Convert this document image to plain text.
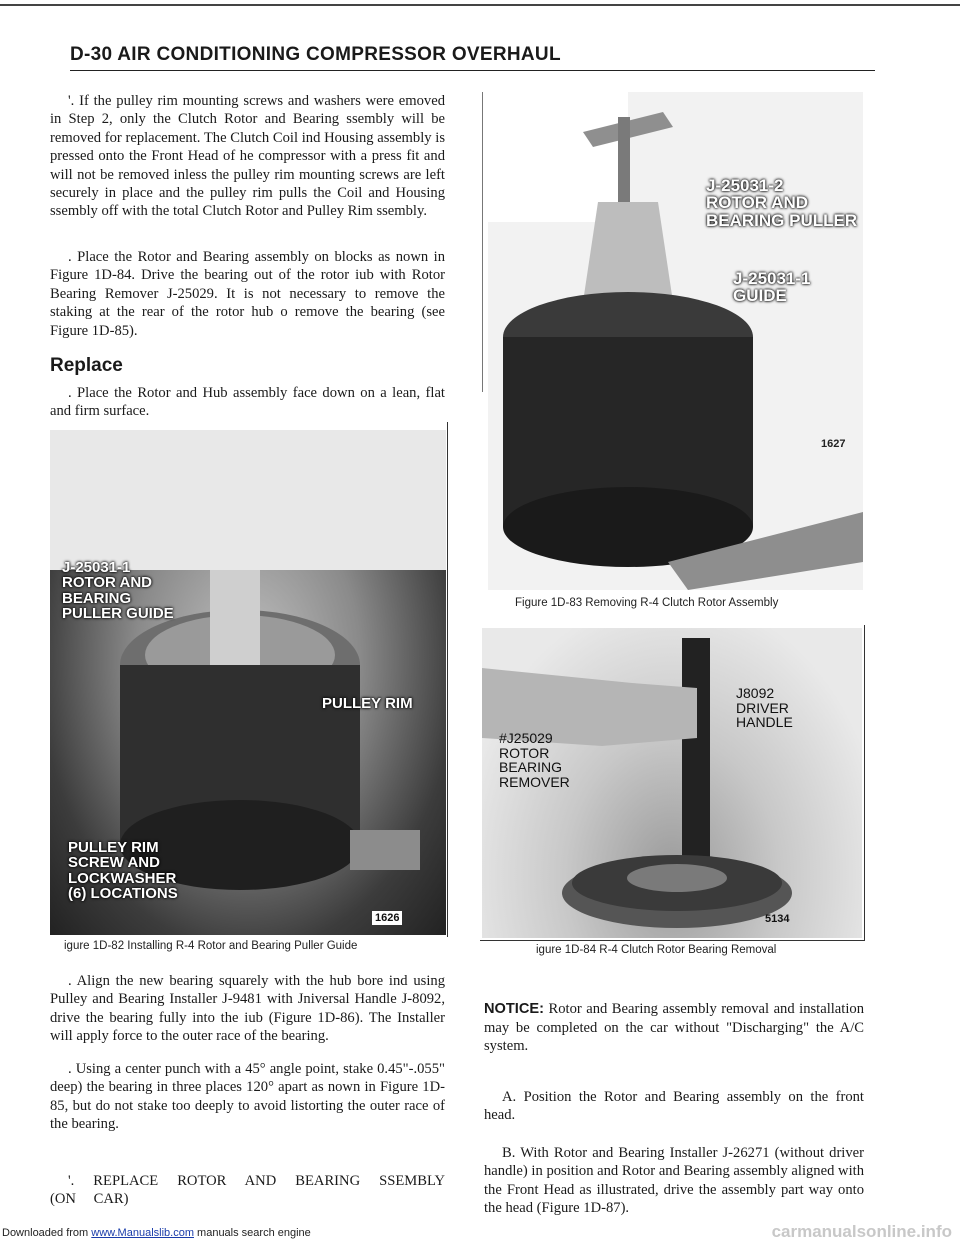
D-30 AIR CONDITIONING COMPRESSOR OVERHAUL

'. If the pulley rim mounting screws and washers were emoved in Step 2, only the Clutch Rotor and Bearing ssembly will be removed for replacement. The Clutch Coil ind Housing assembly is pressed onto the Front Head of he compressor with a press fit and will not be removed inless the pulley rim mounting screws are left securely in place and the pulley rim pulls the Coil and Housing ssembly off with the total Clutch Rotor and Pulley Rim ssembly.

. Place the Rotor and Bearing assembly on blocks as nown in Figure 1D-84. Drive the bearing out of the rotor iub with Rotor Bearing Remover J-25029. It is not necessary to remove the staking at the rear of the rotor hub o remove the bearing (see Figure 1D-85).

Replace

. Place the Rotor and Hub assembly face down on a lean, flat and firm surface.

J-25031-1
ROTOR AND
BEARING
PULLER GUIDE
PULLEY RIM
PULLEY RIM
SCREW AND
LOCKWASHER
(6) LOCATIONS
1626
igure 1D-82 Installing R-4 Rotor and Bearing Puller Guide

. Align the new bearing squarely with the hub bore ind using Pulley and Bearing Installer J-9481 with Jniversal Handle J-8092, drive the bearing fully into the iub (Figure 1D-86). The Installer will apply force to the outer race of the bearing.

. Using a center punch with a 45° angle point, stake 0.45"-.055" deep) the bearing in three places 120° apart as nown in Figure 1D-85, but do not stake too deeply to avoid listorting the outer race of the bearing.

'. REPLACE ROTOR AND BEARING SSEMBLY (ON CAR)

J-25031-2
ROTOR AND
BEARING PULLER
J-25031-1
GUIDE
1627
Figure 1D-83 Removing R-4 Clutch Rotor Assembly
J8092
DRIVER
HANDLE
#J25029
ROTOR
BEARING
REMOVER
5134
igure 1D-84 R-4 Clutch Rotor Bearing Removal

NOTICE: Rotor and Bearing assembly removal and installation may be completed on the car without "Discharging" the A/C system.

A. Position the Rotor and Bearing assembly on the front head.

B. With Rotor and Bearing Installer J-26271 (without driver handle) in position and Rotor and Bearing assembly aligned with the Front Head as illustrated, drive the assembly part way onto the head (Figure 1D-87).

Downloaded from www.Manualslib.com manuals search engine	carmanualsonline.info
